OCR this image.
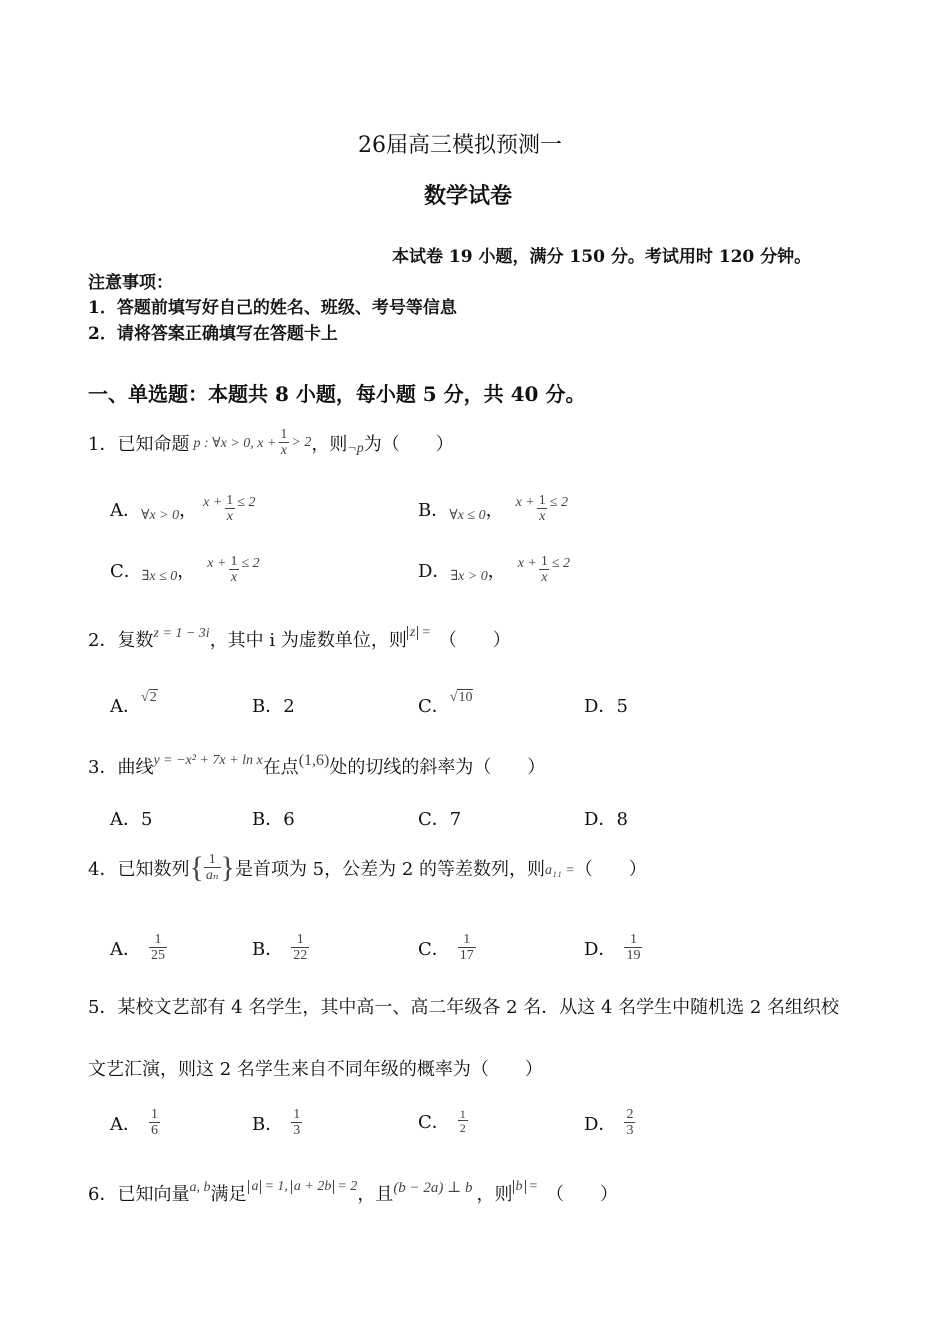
26届高三模拟预测一
数学试卷
本试卷 19 小题，满分 150 分。考试用时 120 分钟。
注意事项：
1．答题前填写好自己的姓名、班级、考号等信息
2．请将答案正确填写在答题卡上
一、单选题：本题共 8 小题，每小题 5 分，共 40 分。
1．已知命题 p : ∀x > 0, $x + \frac{1}{x} > 2$ ，则 ¬p 为（　　）
A． ∀x > 0 ， $x + \frac{1}{x} \le 2$	B． ∀x ≤ 0 ， $x + \frac{1}{x} \le 2$
C． ∃x ≤ 0 ， $x + \frac{1}{x} \le 2$	D． ∃x > 0 ， $x + \frac{1}{x} \le 2$
2．复数 z = 1 − 3i ，其中 i 为虚数单位，则 z = （　　）
A． √2	B．2	C． √10	D．5
3．曲线 y = −x² + 7x + ln x 在点 (1,6) 处的切线的斜率为（　　）
A．5	B．6	C．7	D．8
4．已知数列 { $\frac{1}{\text{aₙ}}$ } 是首项为 5，公差为 2 的等差数列，则 a₁₁ = （　　）
A． $\frac{1}{25}$	B． $\frac{1}{22}$	C． $\frac{1}{17}$	D． $\frac{1}{19}$
5．某校文艺部有 4 名学生，其中高一、高二年级各 2 名．从这 4 名学生中随机选 2 名组织校
文艺汇演，则这 2 名学生来自不同年级的概率为（　　）
A． $\frac{1}{6}$	B． $\frac{1}{3}$	C． $\frac{1}{2}$	D． $\frac{2}{3}$
6．已知向量 a, b 满足 a = 1, a + 2b = 2 ，且 (b − 2a) ⊥ b ，则 b = （　　）
